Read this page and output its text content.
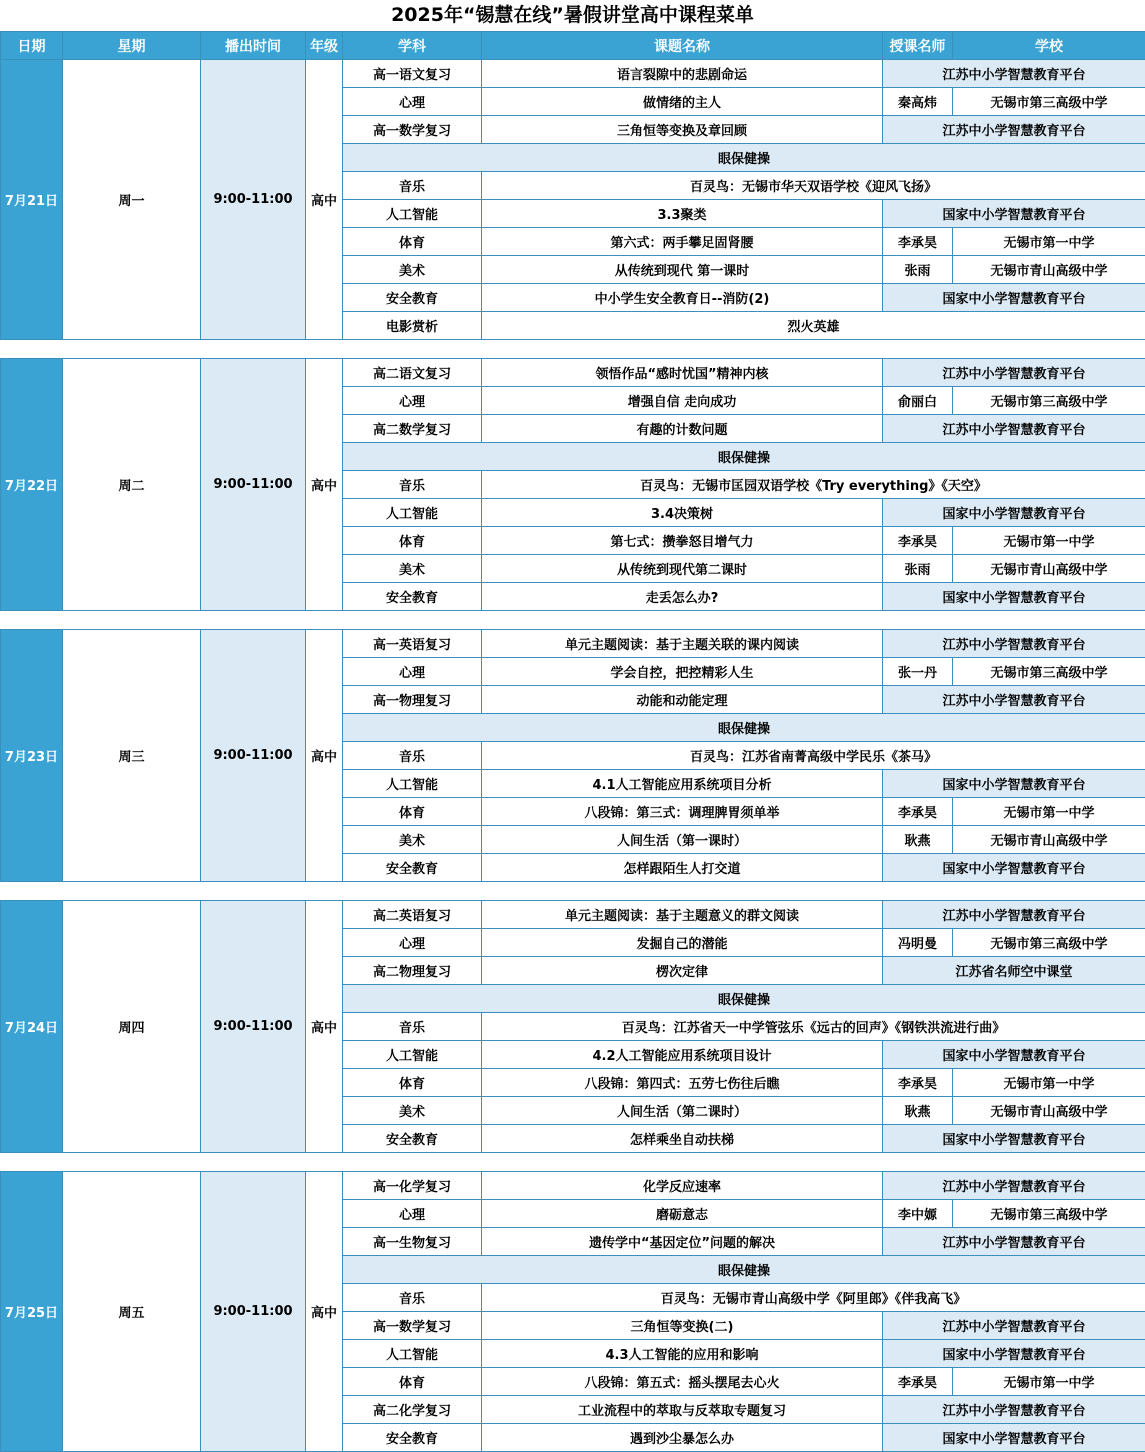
2025年“锡慧在线”暑假讲堂高中课程菜单
日期	星期	播出时间	年级	学科	课题名称	授课名师	学校
7月21日	周一	9:00-11:00	高中	高一语文复习	语言裂隙中的悲剧命运	江苏中小学智慧教育平台	
				心理	做情绪的主人	秦高炜	无锡市第三高级中学
				高一数学复习	三角恒等变换及章回顾	江苏中小学智慧教育平台	
				眼保健操			
				音乐	百灵鸟：无锡市华天双语学校《迎风飞扬》		
				人工智能	3.3聚类	国家中小学智慧教育平台	
				体育	第六式：两手攀足固肾腰	李承昊	无锡市第一中学
				美术	从传统到现代 第一课时	张雨	无锡市青山高级中学
				安全教育	中小学生安全教育日--消防(2)	国家中小学智慧教育平台	
				电影赏析	烈火英雄		
7月22日	周二	9:00-11:00	高中	高二语文复习	领悟作品“感时忧国”精神内核	江苏中小学智慧教育平台	
				心理	增强自信 走向成功	俞丽白	无锡市第三高级中学
				高二数学复习	有趣的计数问题	江苏中小学智慧教育平台	
				眼保健操			
				音乐	百灵鸟：无锡市匡园双语学校《Try everything》《天空》		
				人工智能	3.4决策树	国家中小学智慧教育平台	
				体育	第七式：攒拳怒目增气力	李承昊	无锡市第一中学
				美术	从传统到现代第二课时	张雨	无锡市青山高级中学
				安全教育	走丢怎么办?	国家中小学智慧教育平台	
7月23日	周三	9:00-11:00	高中	高一英语复习	单元主题阅读：基于主题关联的课内阅读	江苏中小学智慧教育平台	
				心理	学会自控，把控精彩人生	张一丹	无锡市第三高级中学
				高一物理复习	动能和动能定理	江苏中小学智慧教育平台	
				眼保健操			
				音乐	百灵鸟：江苏省南菁高级中学民乐《茶马》		
				人工智能	4.1人工智能应用系统项目分析	国家中小学智慧教育平台	
				体育	八段锦：第三式：调理脾胃须单举	李承昊	无锡市第一中学
				美术	人间生活（第一课时）	耿燕	无锡市青山高级中学
				安全教育	怎样跟陌生人打交道	国家中小学智慧教育平台	
7月24日	周四	9:00-11:00	高中	高二英语复习	单元主题阅读：基于主题意义的群文阅读	江苏中小学智慧教育平台	
				心理	发掘自己的潜能	冯明曼	无锡市第三高级中学
				高二物理复习	楞次定律	江苏省名师空中课堂	
				眼保健操			
				音乐	百灵鸟：江苏省天一中学管弦乐《远古的回声》《钢铁洪流进行曲》		
				人工智能	4.2人工智能应用系统项目设计	国家中小学智慧教育平台	
				体育	八段锦：第四式：五劳七伤往后瞧	李承昊	无锡市第一中学
				美术	人间生活（第二课时）	耿燕	无锡市青山高级中学
				安全教育	怎样乘坐自动扶梯	国家中小学智慧教育平台	
7月25日	周五	9:00-11:00	高中	高一化学复习	化学反应速率	江苏中小学智慧教育平台	
				心理	磨砺意志	李中嫄	无锡市第三高级中学
				高一生物复习	遗传学中“基因定位”问题的解决	江苏中小学智慧教育平台	
				眼保健操			
				音乐	百灵鸟：无锡市青山高级中学《阿里郎》《伴我高飞》		
				高一数学复习	三角恒等变换(二)	江苏中小学智慧教育平台	
				人工智能	4.3人工智能的应用和影响	国家中小学智慧教育平台	
				体育	八段锦：第五式：摇头摆尾去心火	李承昊	无锡市第一中学
				高二化学复习	工业流程中的萃取与反萃取专题复习	江苏中小学智慧教育平台	
				安全教育	遇到沙尘暴怎么办	国家中小学智慧教育平台	
